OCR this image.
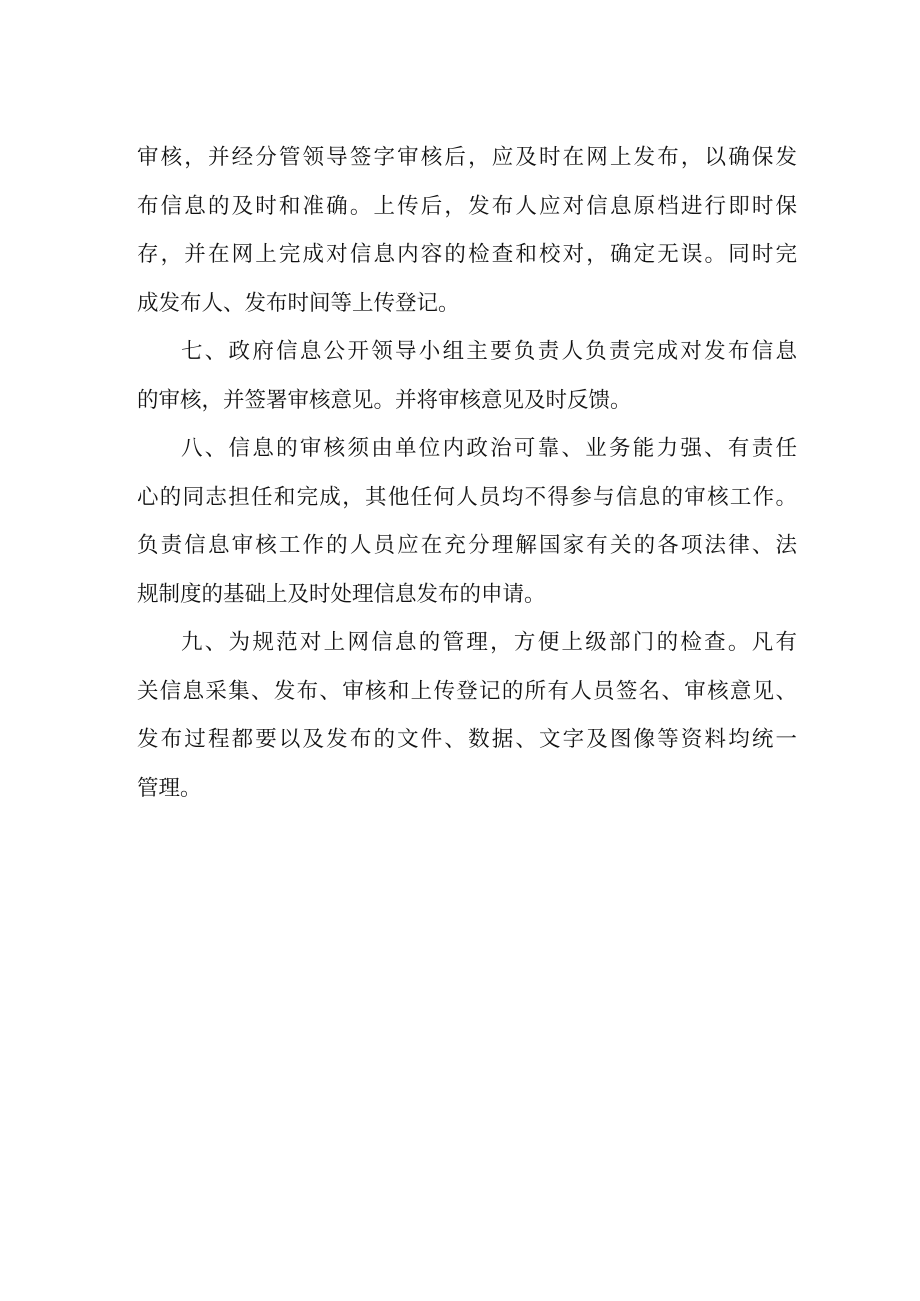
审核，并经分管领导签字审核后，应及时在网上发布，以确保发
布信息的及时和准确。上传后，发布人应对信息原档进行即时保
存，并在网上完成对信息内容的检查和校对，确定无误。同时完
成发布人、发布时间等上传登记。
七、政府信息公开领导小组主要负责人负责完成对发布信息
的审核，并签署审核意见。并将审核意见及时反馈。
八、信息的审核须由单位内政治可靠、业务能力强、有责任
心的同志担任和完成，其他任何人员均不得参与信息的审核工作。
负责信息审核工作的人员应在充分理解国家有关的各项法律、法
规制度的基础上及时处理信息发布的申请。
九、为规范对上网信息的管理，方便上级部门的检查。凡有
关信息采集、发布、审核和上传登记的所有人员签名、审核意见、
发布过程都要以及发布的文件、数据、文字及图像等资料均统一
管理。
